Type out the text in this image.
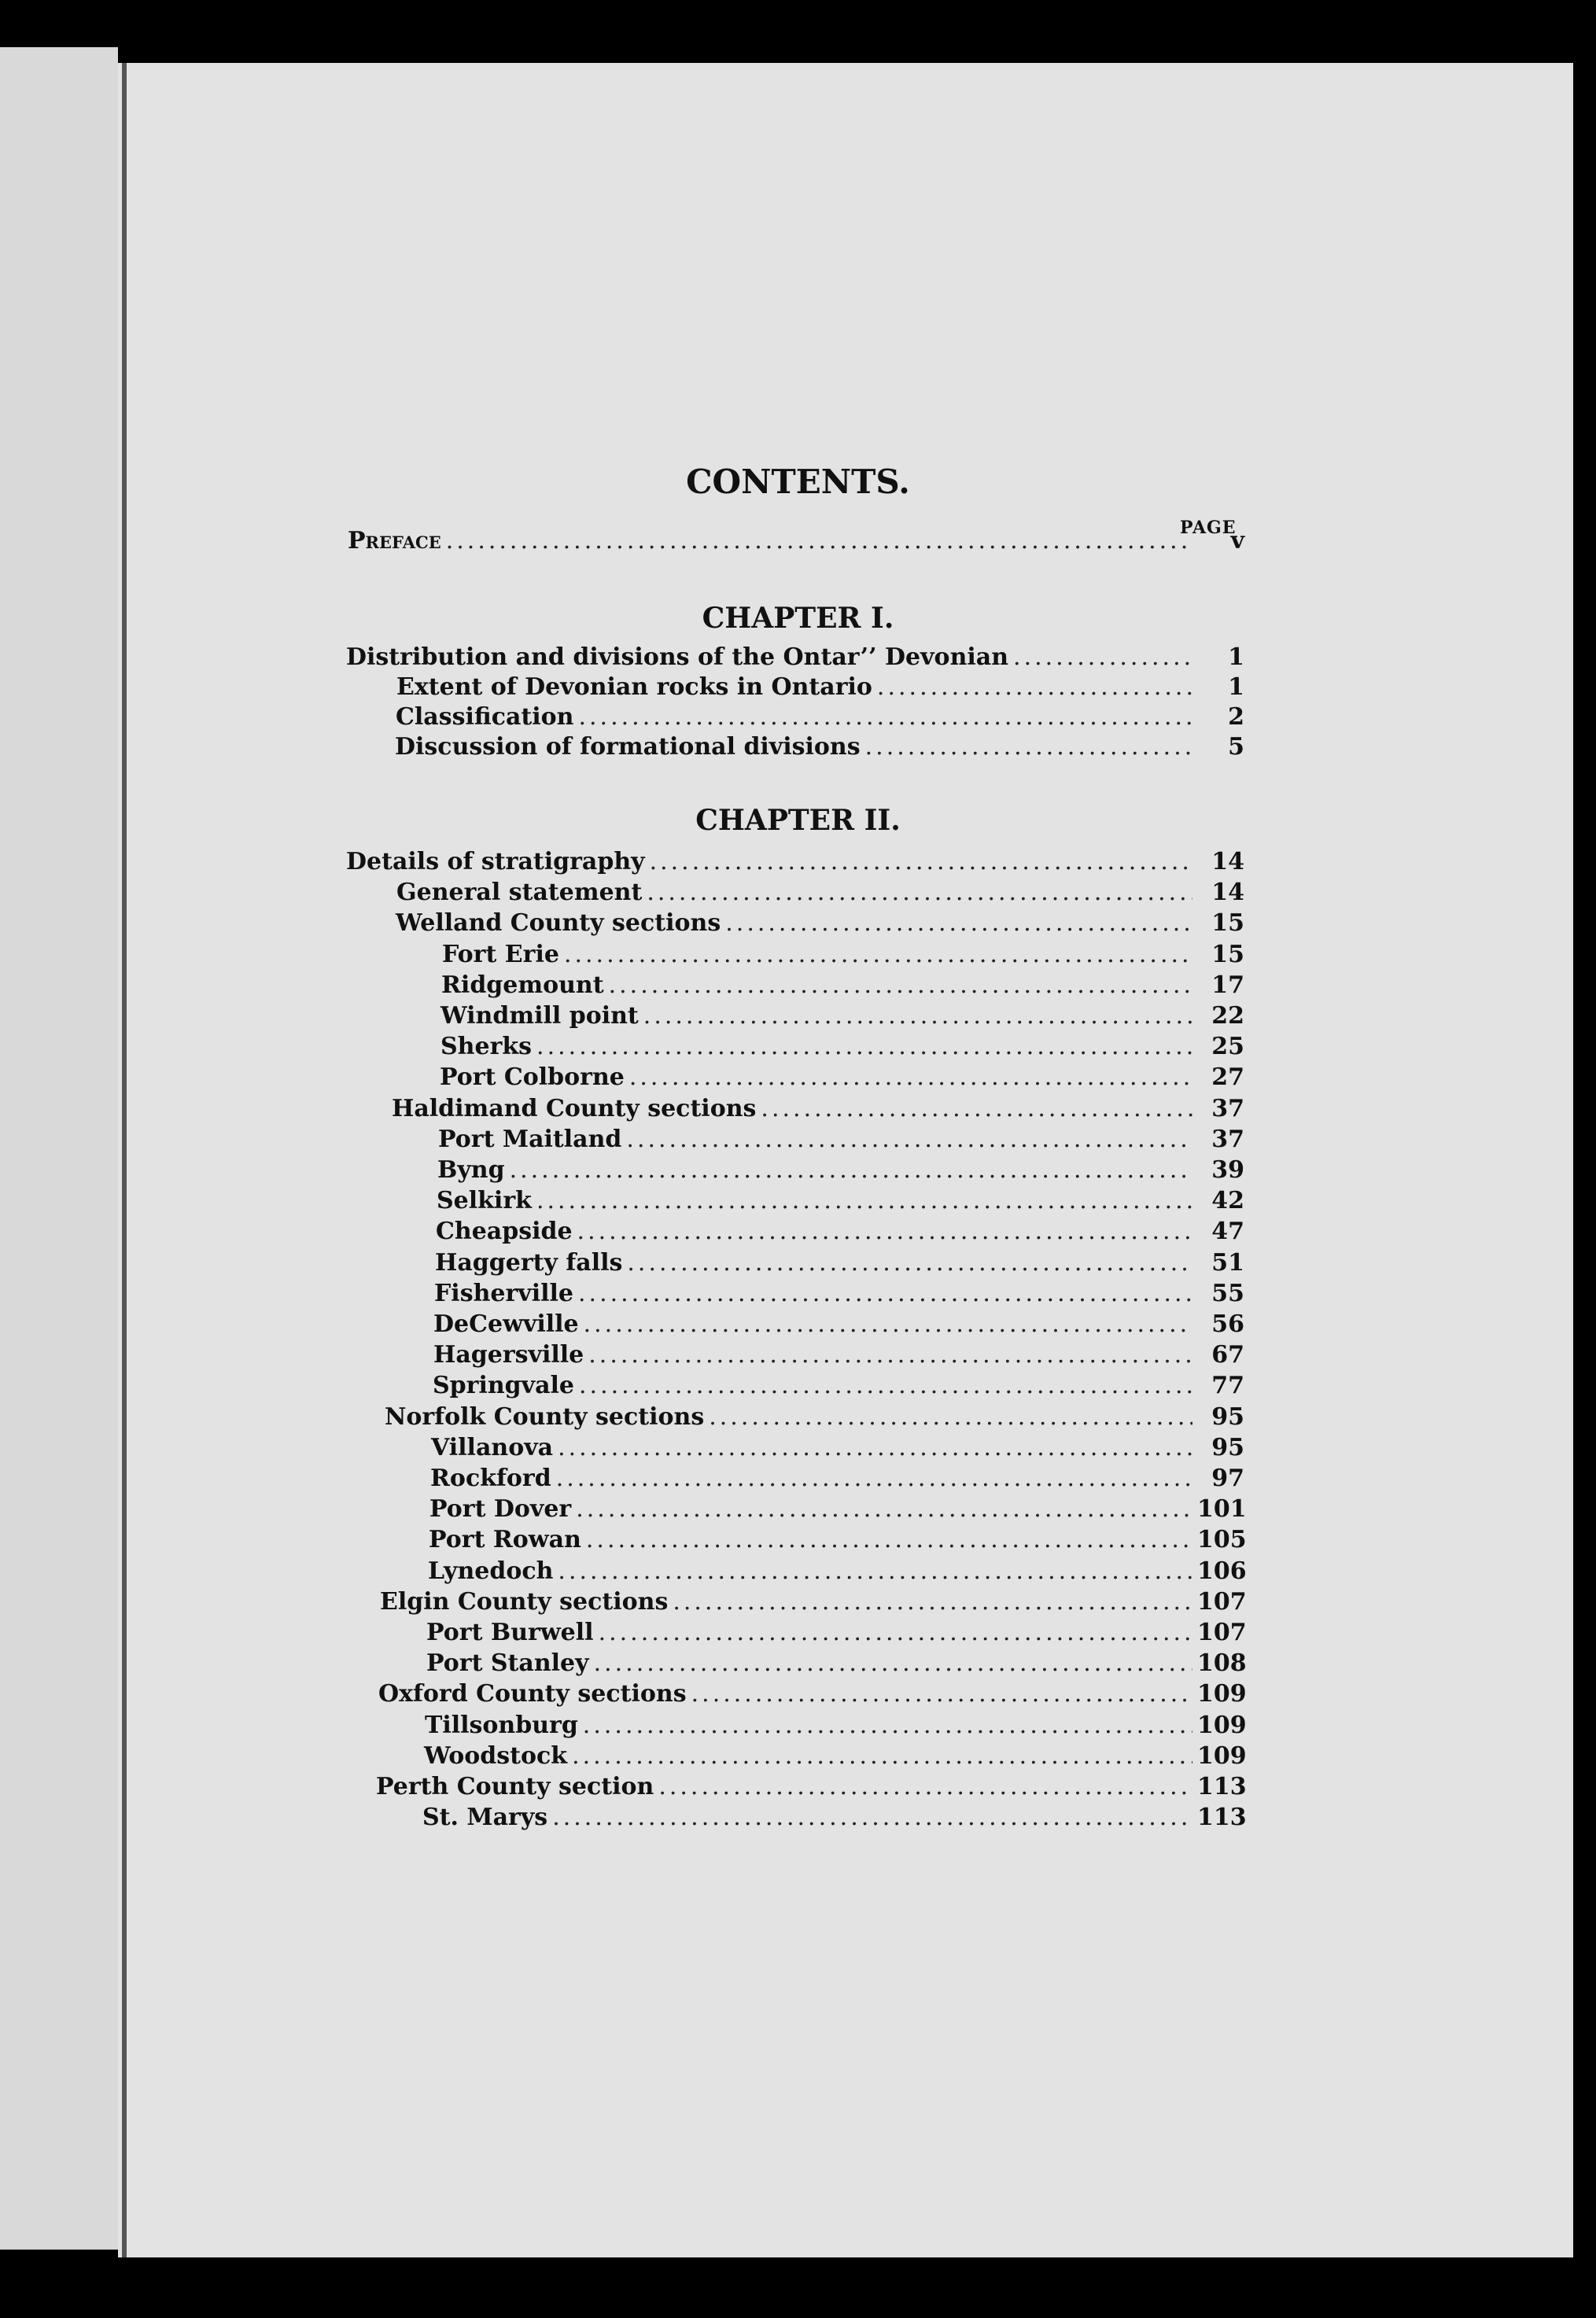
CONTENTS.
PAGE
Preface .....	v
CHAPTER I.
Distribution and divisions of the Ontar’’ Devonian .....	1
Extent of Devonian rocks in Ontario .....	1
Classification .....	2
Discussion of formational divisions .....	5
CHAPTER II.
Details of stratigraphy .....	14
General statement .....	14
Welland County sections .....	15
Fort Erie .....	15
Ridgemount .....	17
Windmill point .....	22
Sherks .....	25
Port Colborne .....	27
Haldimand County sections .....	37
Port Maitland .....	37
Byng .....	39
Selkirk .....	42
Cheapside .....	47
Haggerty falls .....	51
Fisherville .....	55
DeCewville .....	56
Hagersville .....	67
Springvale .....	77
Norfolk County sections .....	95
Villanova .....	95
Rockford .....	97
Port Dover .....	101
Port Rowan .....	105
Lynedoch .....	106
Elgin County sections .....	107
Port Burwell .....	107
Port Stanley .....	108
Oxford County sections .....	109
Tillsonburg .....	109
Woodstock .....	109
Perth County section .....	113
St. Marys .....	113
